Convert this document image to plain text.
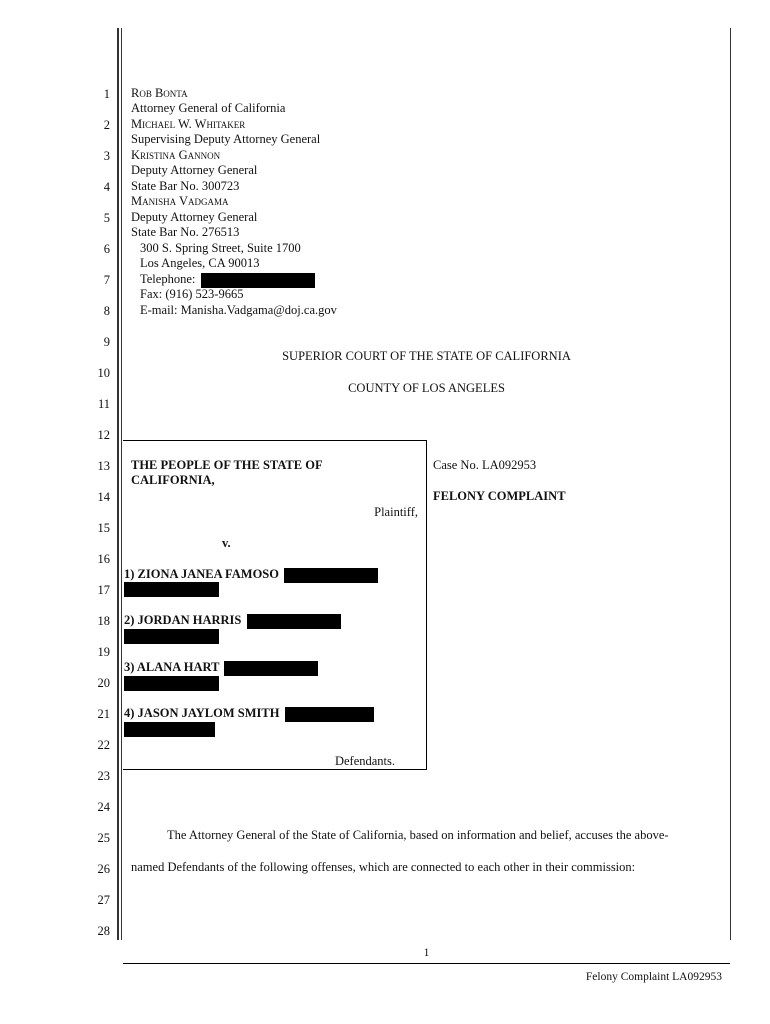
1
2
3
4
5
6
7
8
9
10
11
12
13
14
15
16
17
18
19
20
21
22
23
24
25
26
27
28
Rob Bonta
Attorney General of California
Michael W. Whitaker
Supervising Deputy Attorney General
Kristina Gannon
Deputy Attorney General
State Bar No. 300723
Manisha Vadgama
Deputy Attorney General
State Bar No. 276513
300 S. Spring Street, Suite 1700
Los Angeles, CA 90013
Telephone:
Fax: (916) 523-9665
E-mail: Manisha.Vadgama@doj.ca.gov
SUPERIOR COURT OF THE STATE OF CALIFORNIA
COUNTY OF LOS ANGELES
THE PEOPLE OF THE STATE OF
CALIFORNIA,
Plaintiff,
v.
1) ZIONA JANEA FAMOSO
2) JORDAN HARRIS
3) ALANA HART
4) JASON JAYLOM SMITH
Defendants.
Case No. LA092953
FELONY COMPLAINT
The Attorney General of the State of California, based on information and belief, accuses the above-
named Defendants of the following offenses, which are connected to each other in their commission:
1
Felony Complaint LA092953
